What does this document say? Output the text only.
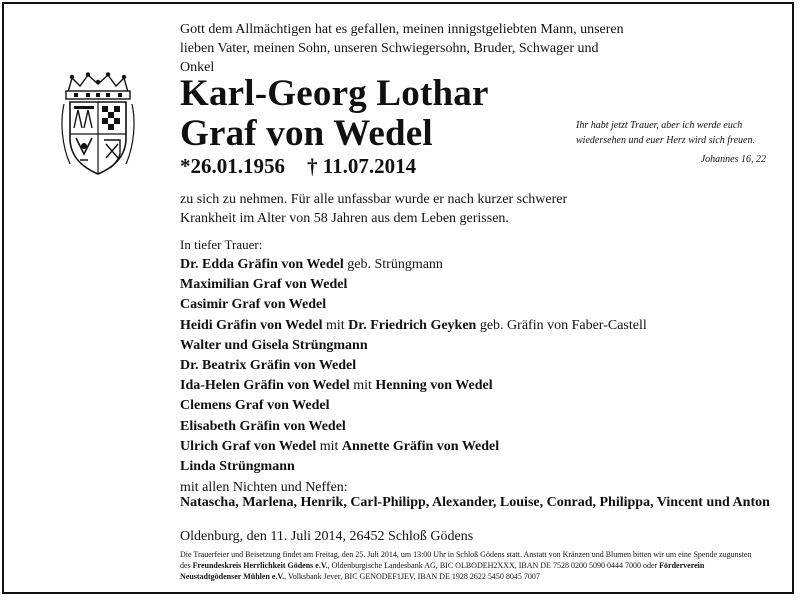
Gott dem Allmächtigen hat es gefallen, meinen innigstgeliebten Mann, unseren lieben Vater, meinen Sohn, unseren Schwiegersohn, Bruder, Schwager und Onkel
Karl-Georg Lothar
Graf von Wedel
*26.01.1956 † 11.07.2014
Ihr habt jetzt Trauer, aber ich werde euch wiedersehen und euer Herz wird sich freuen.
Johannes 16, 22
zu sich zu nehmen. Für alle unfassbar wurde er nach kurzer schwerer Krankheit im Alter von 58 Jahren aus dem Leben gerissen.
In tiefer Trauer:
Dr. Edda Gräfin von Wedel geb. Strüngmann
Maximilian Graf von Wedel
Casimir Graf von Wedel
Heidi Gräfin von Wedel mit Dr. Friedrich Geyken geb. Gräfin von Faber-Castell
Walter und Gisela Strüngmann
Dr. Beatrix Gräfin von Wedel
Ida-Helen Gräfin von Wedel mit Henning von Wedel
Clemens Graf von Wedel
Elisabeth Gräfin von Wedel
Ulrich Graf von Wedel mit Annette Gräfin von Wedel
Linda Strüngmann
mit allen Nichten und Neffen:
Natascha, Marlena, Henrik, Carl-Philipp, Alexander, Louise, Conrad, Philippa, Vincent und Anton
Oldenburg, den 11. Juli 2014, 26452 Schloß Gödens
Die Trauerfeier und Beisetzung findet am Freitag, den 25. Juli 2014, um 13:00 Uhr in Schloß Gödens statt. Anstatt von Kränzen und Blumen bitten wir um eine Spende zugunsten des Freundeskreis Herrlichkeit Gödens e.V., Oldenburgische Landesbank AG, BIC OLBODEH2XXX, IBAN DE 7528 0200 5090 0444 7000 oder Förderverein Neustadtgödenser Mühlen e.V., Volksbank Jever, BIC GENODEF1JEV, IBAN DE 1928 2622 5450 8045 7007
